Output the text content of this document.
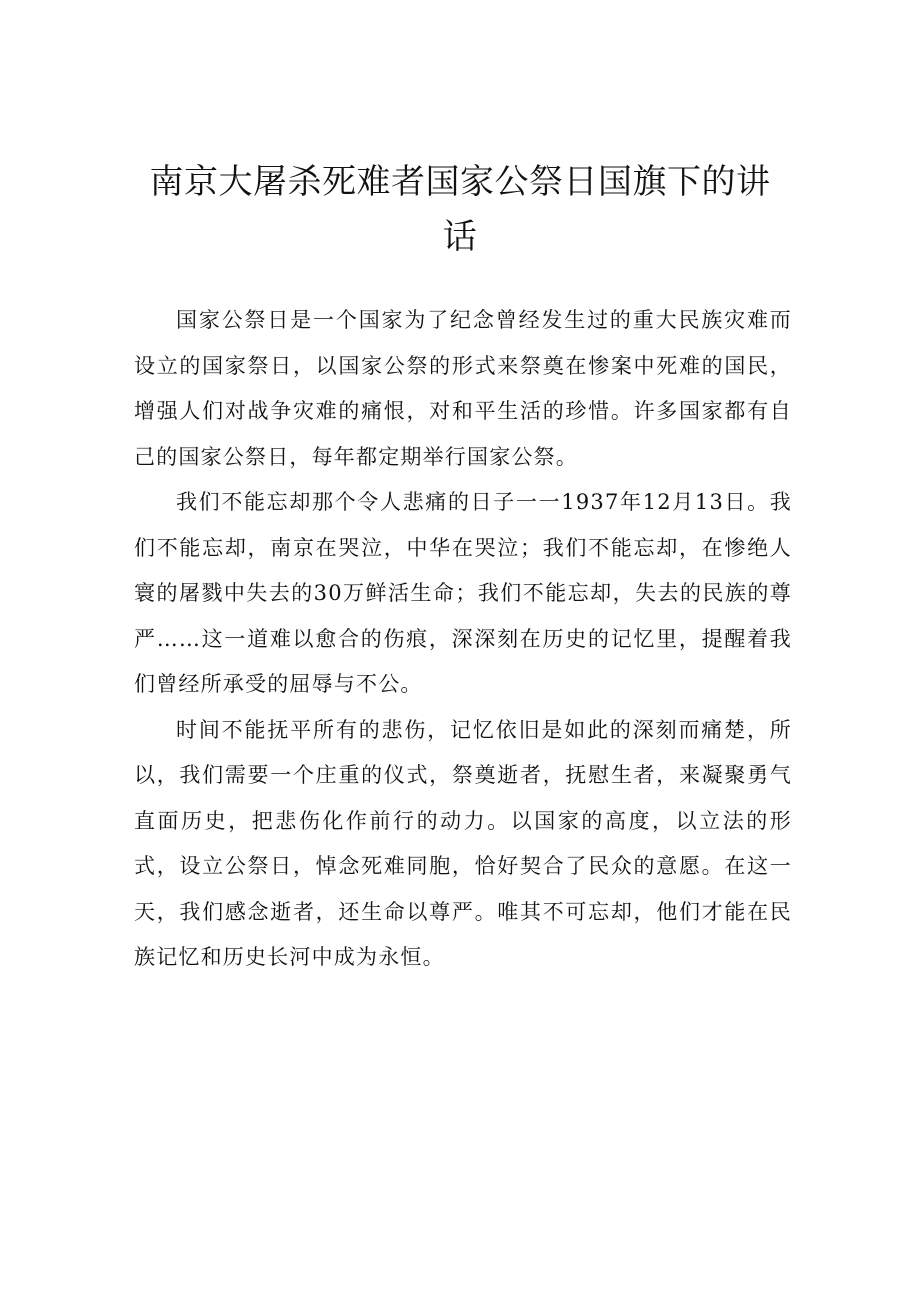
南京大屠杀死难者国家公祭日国旗下的讲话

国家公祭日是一个国家为了纪念曾经发生过的重大民族灾难而设立的国家祭日，以国家公祭的形式来祭奠在惨案中死难的国民，增强人们对战争灾难的痛恨，对和平生活的珍惜。许多国家都有自己的国家公祭日，每年都定期举行国家公祭。

我们不能忘却那个令人悲痛的日子一一1937年12月13日。我们不能忘却，南京在哭泣，中华在哭泣；我们不能忘却，在惨绝人寰的屠戮中失去的30万鲜活生命；我们不能忘却，失去的民族的尊严……这一道难以愈合的伤痕，深深刻在历史的记忆里，提醒着我们曾经所承受的屈辱与不公。

时间不能抚平所有的悲伤，记忆依旧是如此的深刻而痛楚，所以，我们需要一个庄重的仪式，祭奠逝者，抚慰生者，来凝聚勇气直面历史，把悲伤化作前行的动力。以国家的高度，以立法的形式，设立公祭日，悼念死难同胞，恰好契合了民众的意愿。在这一天，我们感念逝者，还生命以尊严。唯其不可忘却，他们才能在民族记忆和历史长河中成为永恒。
